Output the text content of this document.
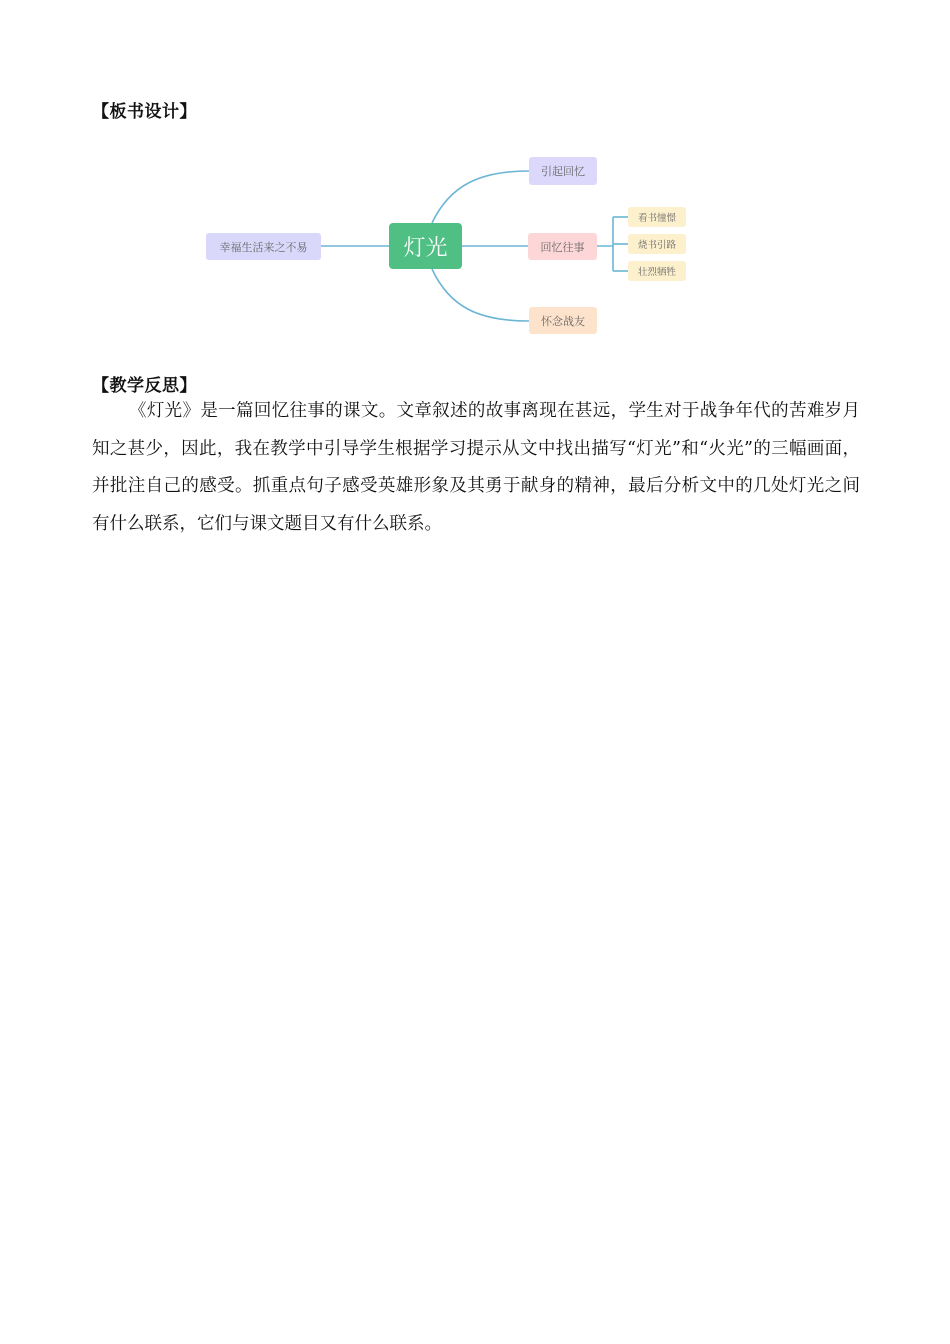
【板书设计】
幸福生活来之不易	灯光
引起回忆
回忆往事
怀念战友
看书憧憬
烧书引路
壮烈牺牲
【教学反思】

《灯光》是一篇回忆往事的课文。文章叙述的故事离现在甚远，学生对于战争年代的苦难岁月知之甚少，因此，我在教学中引导学生根据学习提示从文中找出描写“灯光”和“火光”的三幅画面，并批注自己的感受。抓重点句子感受英雄形象及其勇于献身的精神，最后分析文中的几处灯光之间有什么联系，它们与课文题目又有什么联系。
